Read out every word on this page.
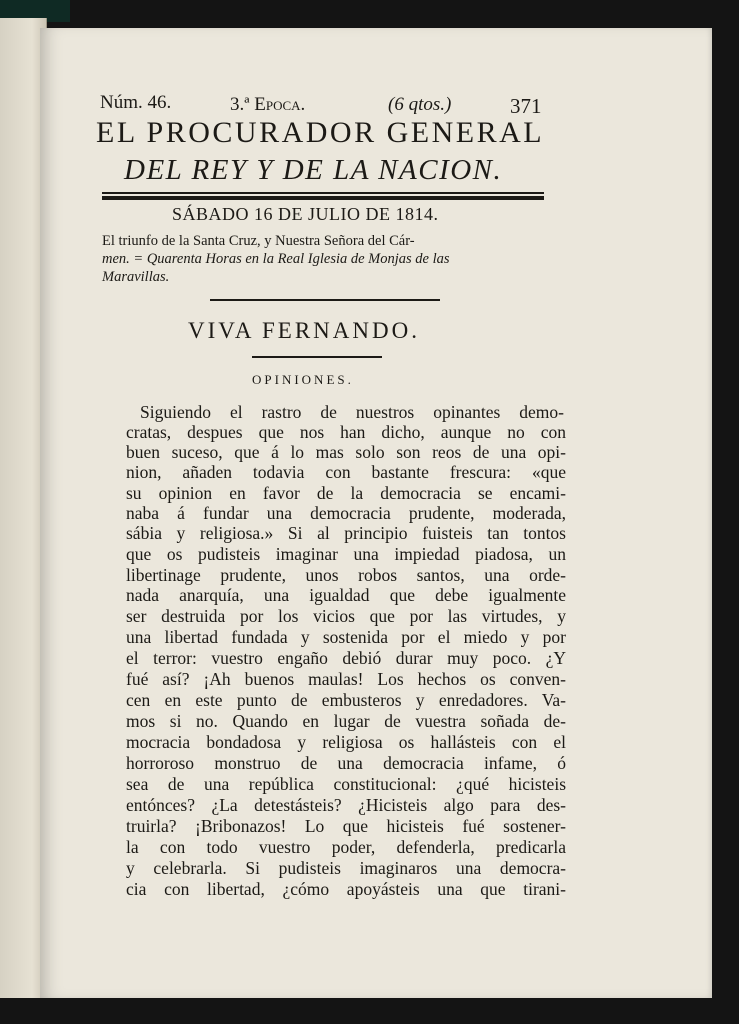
Núm. 46.	3.ª Epoca.	(6 qtos.)	371
EL PROCURADOR GENERAL
DEL REY Y DE LA NACION.
SÁBADO 16 DE JULIO DE 1814.
El triunfo de la Santa Cruz, y Nuestra Señora del Cár-
men. = Quarenta Horas en la Real Iglesia de Monjas de las
Maravillas.
VIVA FERNANDO.
OPINIONES.
Siguiendo el rastro de nuestros opinantes demo-
cratas, despues que nos han dicho, aunque no con
buen suceso, que á lo mas solo son reos de una opi-
nion, añaden todavia con bastante frescura: «que
su opinion en favor de la democracia se encami-
naba á fundar una democracia prudente, moderada,
sábia y religiosa.» Si al principio fuisteis tan tontos
que os pudisteis imaginar una impiedad piadosa, un
libertinage prudente, unos robos santos, una orde-
nada anarquía, una igualdad que debe igualmente
ser destruida por los vicios que por las virtudes, y
una libertad fundada y sostenida por el miedo y por
el terror: vuestro engaño debió durar muy poco. ¿Y
fué así? ¡Ah buenos maulas! Los hechos os conven-
cen en este punto de embusteros y enredadores. Va-
mos si no. Quando en lugar de vuestra soñada de-
mocracia bondadosa y religiosa os hallásteis con el
horroroso monstruo de una democracia infame, ó
sea de una república constitucional: ¿qué hicisteis
entónces? ¿La detestásteis? ¿Hicisteis algo para des-
truirla? ¡Bribonazos! Lo que hicisteis fué sostener-
la con todo vuestro poder, defenderla, predicarla
y celebrarla. Si pudisteis imaginaros una democra-
cia con libertad, ¿cómo apoyásteis una que tirani-
